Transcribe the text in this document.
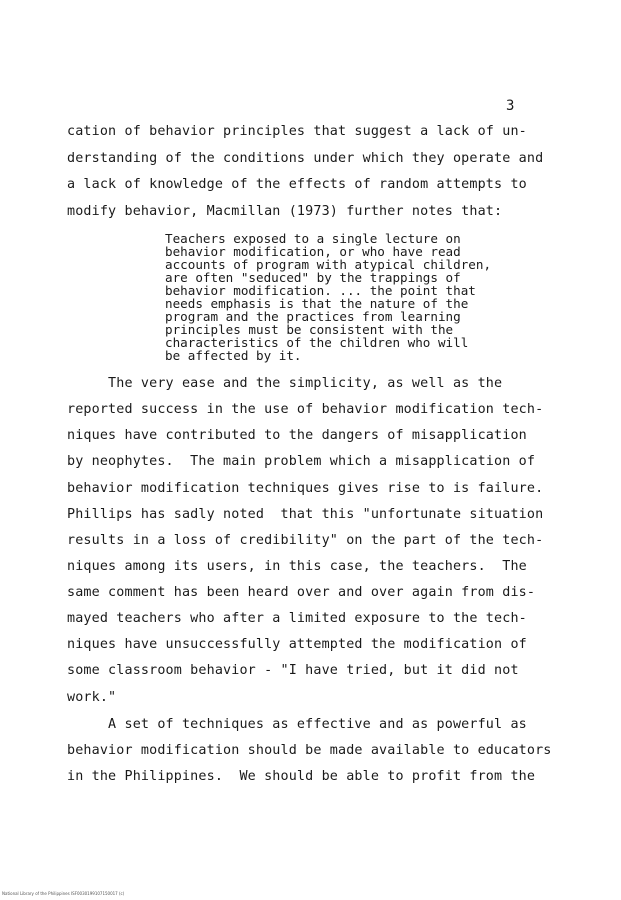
3
cation of behavior principles that suggest a lack of un-
derstanding of the conditions under which they operate and
a lack of knowledge of the effects of random attempts to
modify behavior, Macmillan (1973) further notes that:
Teachers exposed to a single lecture on
behavior modification, or who have read
accounts of program with atypical children,
are often "seduced" by the trappings of
behavior modification. ... the point that
needs emphasis is that the nature of the
program and the practices from learning
principles must be consistent with the
characteristics of the children who will
be affected by it.
The very ease and the simplicity, as well as the
reported success in the use of behavior modification tech-
niques have contributed to the dangers of misapplication
by neophytes.  The main problem which a misapplication of
behavior modification techniques gives rise to is failure.
Phillips has sadly noted  that this "unfortunate situation
results in a loss of credibility" on the part of the tech-
niques among its users, in this case, the teachers.  The
same comment has been heard over and over again from dis-
mayed teachers who after a limited exposure to the tech-
niques have unsuccessfully attempted the modification of
some classroom behavior - "I have tried, but it did not
work."
A set of techniques as effective and as powerful as
behavior modification should be made available to educators
in the Philippines.  We should be able to profit from the
National Library of the Philippines ISF0030199107150017 (c)
